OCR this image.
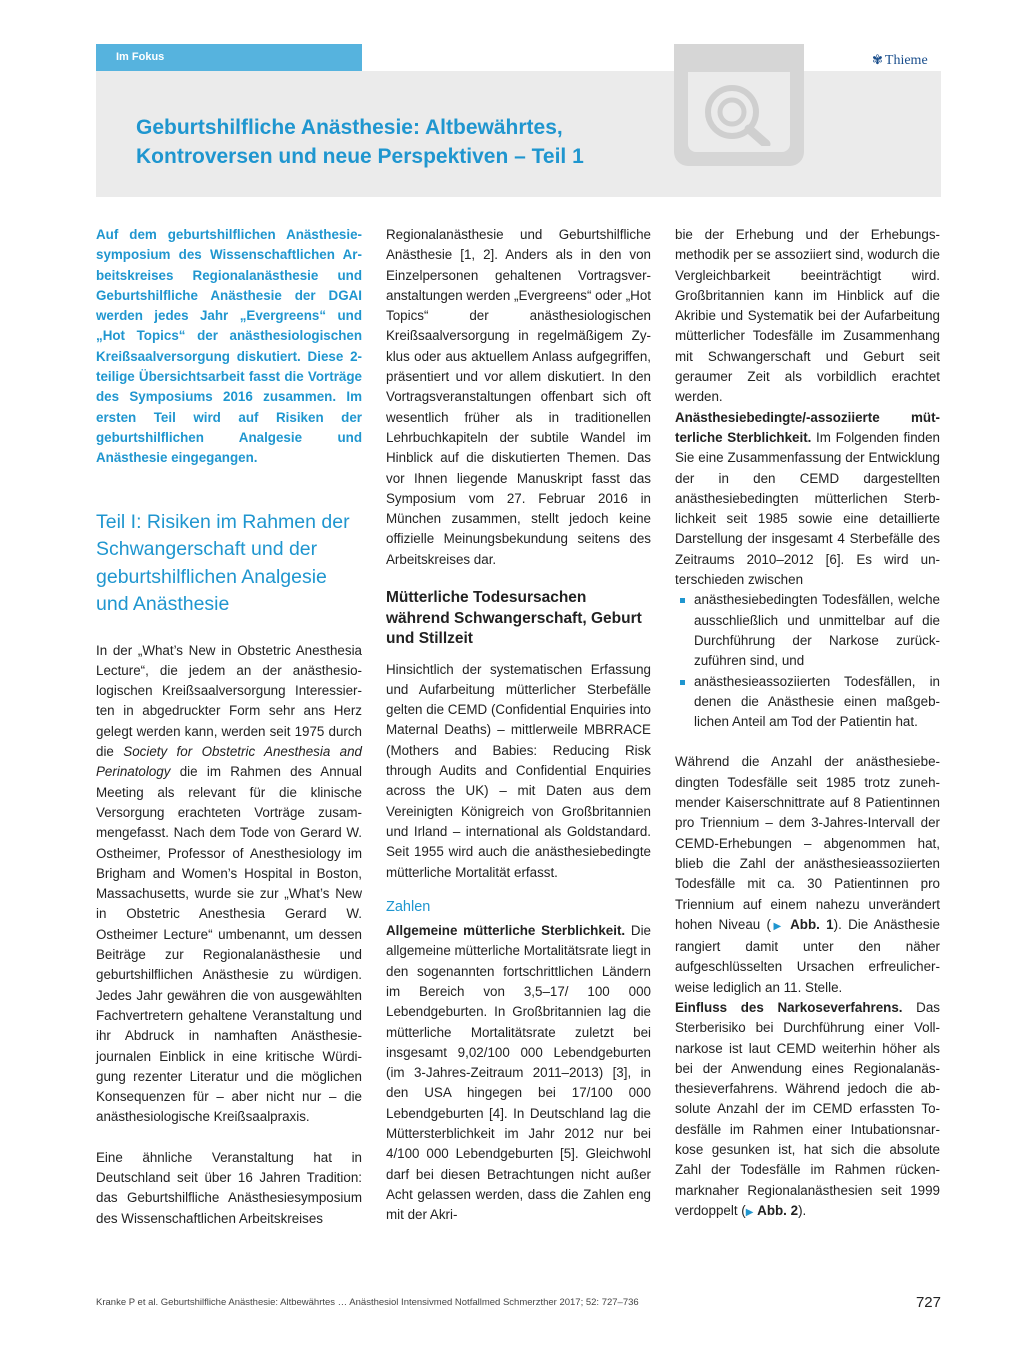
Im Fokus
Geburtshilfliche Anästhesie: Altbewährtes, Kontroversen und neue Perspektiven – Teil 1
✾ Thieme

Auf dem geburtshilflichen Anästhesiesymposium des Wissenschaftlichen Arbeitskreises Regionalanästhesie und Geburtshilfliche Anästhesie der DGAI werden jedes Jahr „Evergreens“ und „Hot Topics“ der anästhesiologischen Kreißsaalversorgung diskutiert. Diese 2-teilige Übersichtsarbeit fasst die Vorträge des Symposiums 2016 zusammen. Im ersten Teil wird auf Risiken der geburtshilflichen Analgesie und Anästhesie eingegangen.

Teil I: Risiken im Rahmen der Schwangerschaft und der geburtshilflichen Analgesie und Anästhesie

In der „What’s New in Obstetric Anesthesia Lecture“, die jedem an der anästhesiologischen Kreißsaalversorgung Interessierten in abgedruckter Form sehr ans Herz gelegt werden kann, werden seit 1975 durch die Society for Obstetric Anesthesia and Perinatology die im Rahmen des Annual Meeting als relevant für die klinische Versorgung erachteten Vorträge zusammengefasst. Nach dem Tode von Gerard W. Ostheimer, Professor of Anesthesiology im Brigham and Women’s Hospital in Boston, Massachusetts, wurde sie zur „What’s New in Obstetric Anesthesia Gerard W. Ostheimer Lecture“ umbenannt, um dessen Beiträge zur Regionalanästhesie und geburtshilflichen Anästhesie zu würdigen. Jedes Jahr gewähren die von ausgewählten Fachvertretern gehaltene Veranstaltung und ihr Abdruck in namhaften Anästhesiejournalen Einblick in eine kritische Würdigung rezenter Literatur und die möglichen Konsequenzen für – aber nicht nur – die anästhesiologische Kreißsaalpraxis.

Eine ähnliche Veranstaltung hat in Deutschland seit über 16 Jahren Tradition: das Geburtshilfliche Anästhesiesymposium des Wissenschaftlichen Arbeitskreises

Regionalanästhesie und Geburtshilfliche Anästhesie [1, 2]. Anders als in den von Einzelpersonen gehaltenen Vortragsveranstaltungen werden „Evergreens“ oder „Hot Topics“ der anästhesiologischen Kreißsaalversorgung in regelmäßigem Zyklus oder aus aktuellem Anlass aufgegriffen, präsentiert und vor allem diskutiert. In den Vortragsveranstaltungen offenbart sich oft wesentlich früher als in traditionellen Lehrbuchkapiteln der subtile Wandel im Hinblick auf die diskutierten Themen. Das vor Ihnen liegende Manuskript fasst das Symposium vom 27. Februar 2016 in München zusammen, stellt jedoch keine offizielle Meinungsbekundung seitens des Arbeitskreises dar.

Mütterliche Todesursachen während Schwangerschaft, Geburt und Stillzeit

Hinsichtlich der systematischen Erfassung und Aufarbeitung mütterlicher Sterbefälle gelten die CEMD (Confidential Enquiries into Maternal Deaths) – mittlerweile MBRRACE (Mothers and Babies: Reducing Risk through Audits and Confidential Enquiries across the UK) – mit Daten aus dem Vereinigten Königreich von Großbritannien und Irland – international als Goldstandard. Seit 1955 wird auch die anästhesiebedingte mütterliche Mortalität erfasst.

Zahlen

Allgemeine mütterliche Sterblichkeit. Die allgemeine mütterliche Mortalitätsrate liegt in den sogenannten fortschrittlichen Ländern im Bereich von 3,5–17/ 100 000 Lebendgeburten. In Großbritannien lag die mütterliche Mortalitätsrate zuletzt bei insgesamt 9,02/100 000 Lebendgeburten (im 3-Jahres-Zeitraum 2011–2013) [3], in den USA hingegen bei 17/100 000 Lebendgeburten [4]. In Deutschland lag die Müttersterblichkeit im Jahr 2012 nur bei 4/100 000 Lebendgeburten [5]. Gleichwohl darf bei diesen Betrachtungen nicht außer Acht gelassen werden, dass die Zahlen eng mit der Akri-

bie der Erhebung und der Erhebungsmethodik per se assoziiert sind, wodurch die Vergleichbarkeit beeinträchtigt wird. Großbritannien kann im Hinblick auf die Akribie und Systematik bei der Aufarbeitung mütterlicher Todesfälle im Zusammenhang mit Schwangerschaft und Geburt seit geraumer Zeit als vorbildlich erachtet werden.

Anästhesiebedingte/-assoziierte mütterliche Sterblichkeit. Im Folgenden finden Sie eine Zusammenfassung der Entwicklung der in den CEMD dargestellten anästhesiebedingten mütterlichen Sterblichkeit seit 1985 sowie eine detaillierte Darstellung der insgesamt 4 Sterbefälle des Zeitraums 2010–2012 [6]. Es wird unterschieden zwischen

anästhesiebedingten Todesfällen, welche ausschließlich und unmittelbar auf die Durchführung der Narkose zurückzuführen sind, und
anästhesieassoziierten Todesfällen, in denen die Anästhesie einen maßgeblichen Anteil am Tod der Patientin hat.

Während die Anzahl der anästhesiebedingten Todesfälle seit 1985 trotz zunehmender Kaiserschnittrate auf 8 Patientinnen pro Triennium – dem 3-Jahres-Intervall der CEMD-Erhebungen – abgenommen hat, blieb die Zahl der anästhesieassoziierten Todesfälle mit ca. 30 Patientinnen pro Triennium auf einem nahezu unverändert hohen Niveau (▶ Abb. 1). Die Anästhesie rangiert damit unter den näher aufgeschlüsselten Ursachen erfreulicherweise lediglich an 11. Stelle.

Einfluss des Narkoseverfahrens. Das Sterberisiko bei Durchführung einer Vollnarkose ist laut CEMD weiterhin höher als bei der Anwendung eines Regionalanästhesieverfahrens. Während jedoch die absolute Anzahl der im CEMD erfassten Todesfälle im Rahmen einer Intubationsnarkose gesunken ist, hat sich die absolute Zahl der Todesfälle im Rahmen rückenmarknaher Regionalanästhesien seit 1999 verdoppelt (▶ Abb. 2).

Kranke P et al. Geburtshilfliche Anästhesie: Altbewährtes … Anästhesiol Intensivmed Notfallmed Schmerzther 2017; 52: 727–736	727
